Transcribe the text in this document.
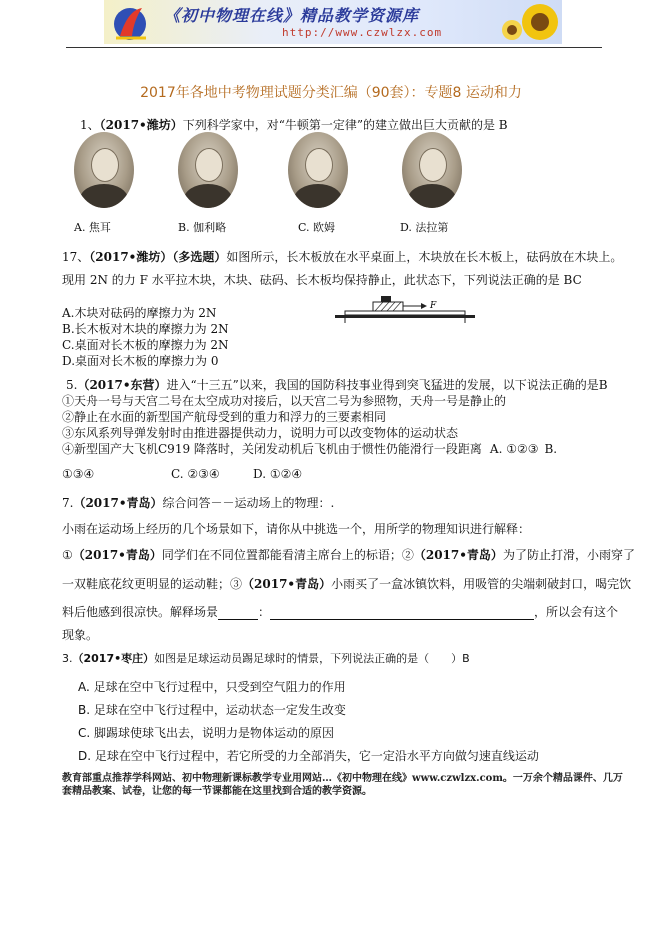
《初中物理在线》精品教学资源库
http://www.czwlzx.com
2017年各地中考物理试题分类汇编（90套）：专题8 运动和力
1、（2017•潍坊）下列科学家中，对“牛顿第一定律”的建立做出巨大贡献的是 B
A. 焦耳	B. 伽利略	C. 欧姆	D. 法拉第
17、（2017•潍坊）（多选题）如图所示，长木板放在水平桌面上，木块放在长木板上，砝码放在木块上。
现用 2N 的力 F 水平拉木块，木块、砝码、长木板均保持静止，此状态下，下列说法正确的是 BC
A.木块对砝码的摩擦力为 2N
B.长木板对木块的摩擦力为 2N
C.桌面对长木板的摩擦力为 2N
D.桌面对长木板的摩擦力为 0
F
5.（2017•东营）进入“十三五”以来，我国的国防科技事业得到突飞猛进的发展，以下说法正确的是B
①天舟一号与天宫二号在太空成功对接后，以天宫二号为参照物，天舟一号是静止的
②静止在水面的新型国产航母受到的重力和浮力的三要素相同
③东风系列导弹发射时由推进器提供动力，说明力可以改变物体的运动状态
④新型国产大飞机C919 降落时，关闭发动机后飞机由于惯性仍能滑行一段距离 A. ①②③ B.
①③④	C. ②③④	D. ①②④
7.（2017•青岛）综合问答－－运动场上的物理：.
小雨在运动场上经历的几个场景如下，请你从中挑选一个，用所学的物理知识进行解释：
①（2017•青岛）同学们在不同位置都能看清主席台上的标语；②（2017•青岛）为了防止打滑，小雨穿了
一双鞋底花纹更明显的运动鞋；③（2017•青岛）小雨买了一盒冰镇饮料，用吸管的尖端刺破封口，喝完饮
料后他感到很凉快。解释场景	：	，所以会有这个
现象。
3.（2017•枣庄）如图是足球运动员踢足球时的情景，下列说法正确的是（　　）B
A. 足球在空中飞行过程中，只受到空气阻力的作用
B. 足球在空中飞行过程中，运动状态一定发生改变
C. 脚踢球使球飞出去，说明力是物体运动的原因
D. 足球在空中飞行过程中，若它所受的力全部消失，它一定沿水平方向做匀速直线运动
教育部重点推荐学科网站、初中物理新课标教学专业用网站…《初中物理在线》www.czwlzx.com。一万余个精品课件、几万
套精品教案、试卷，让您的每一节课都能在这里找到合适的教学资源。
